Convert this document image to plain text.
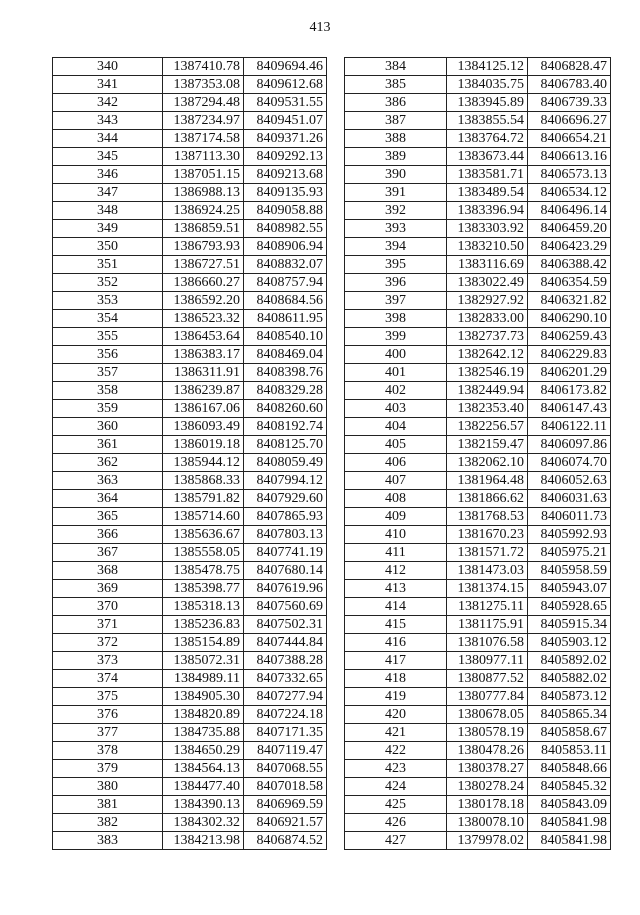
413
340	1387410.78	8409694.46
341	1387353.08	8409612.68
342	1387294.48	8409531.55
343	1387234.97	8409451.07
344	1387174.58	8409371.26
345	1387113.30	8409292.13
346	1387051.15	8409213.68
347	1386988.13	8409135.93
348	1386924.25	8409058.88
349	1386859.51	8408982.55
350	1386793.93	8408906.94
351	1386727.51	8408832.07
352	1386660.27	8408757.94
353	1386592.20	8408684.56
354	1386523.32	8408611.95
355	1386453.64	8408540.10
356	1386383.17	8408469.04
357	1386311.91	8408398.76
358	1386239.87	8408329.28
359	1386167.06	8408260.60
360	1386093.49	8408192.74
361	1386019.18	8408125.70
362	1385944.12	8408059.49
363	1385868.33	8407994.12
364	1385791.82	8407929.60
365	1385714.60	8407865.93
366	1385636.67	8407803.13
367	1385558.05	8407741.19
368	1385478.75	8407680.14
369	1385398.77	8407619.96
370	1385318.13	8407560.69
371	1385236.83	8407502.31
372	1385154.89	8407444.84
373	1385072.31	8407388.28
374	1384989.11	8407332.65
375	1384905.30	8407277.94
376	1384820.89	8407224.18
377	1384735.88	8407171.35
378	1384650.29	8407119.47
379	1384564.13	8407068.55
380	1384477.40	8407018.58
381	1384390.13	8406969.59
382	1384302.32	8406921.57
383	1384213.98	8406874.52
384	1384125.12	8406828.47
385	1384035.75	8406783.40
386	1383945.89	8406739.33
387	1383855.54	8406696.27
388	1383764.72	8406654.21
389	1383673.44	8406613.16
390	1383581.71	8406573.13
391	1383489.54	8406534.12
392	1383396.94	8406496.14
393	1383303.92	8406459.20
394	1383210.50	8406423.29
395	1383116.69	8406388.42
396	1383022.49	8406354.59
397	1382927.92	8406321.82
398	1382833.00	8406290.10
399	1382737.73	8406259.43
400	1382642.12	8406229.83
401	1382546.19	8406201.29
402	1382449.94	8406173.82
403	1382353.40	8406147.43
404	1382256.57	8406122.11
405	1382159.47	8406097.86
406	1382062.10	8406074.70
407	1381964.48	8406052.63
408	1381866.62	8406031.63
409	1381768.53	8406011.73
410	1381670.23	8405992.93
411	1381571.72	8405975.21
412	1381473.03	8405958.59
413	1381374.15	8405943.07
414	1381275.11	8405928.65
415	1381175.91	8405915.34
416	1381076.58	8405903.12
417	1380977.11	8405892.02
418	1380877.52	8405882.02
419	1380777.84	8405873.12
420	1380678.05	8405865.34
421	1380578.19	8405858.67
422	1380478.26	8405853.11
423	1380378.27	8405848.66
424	1380278.24	8405845.32
425	1380178.18	8405843.09
426	1380078.10	8405841.98
427	1379978.02	8405841.98
